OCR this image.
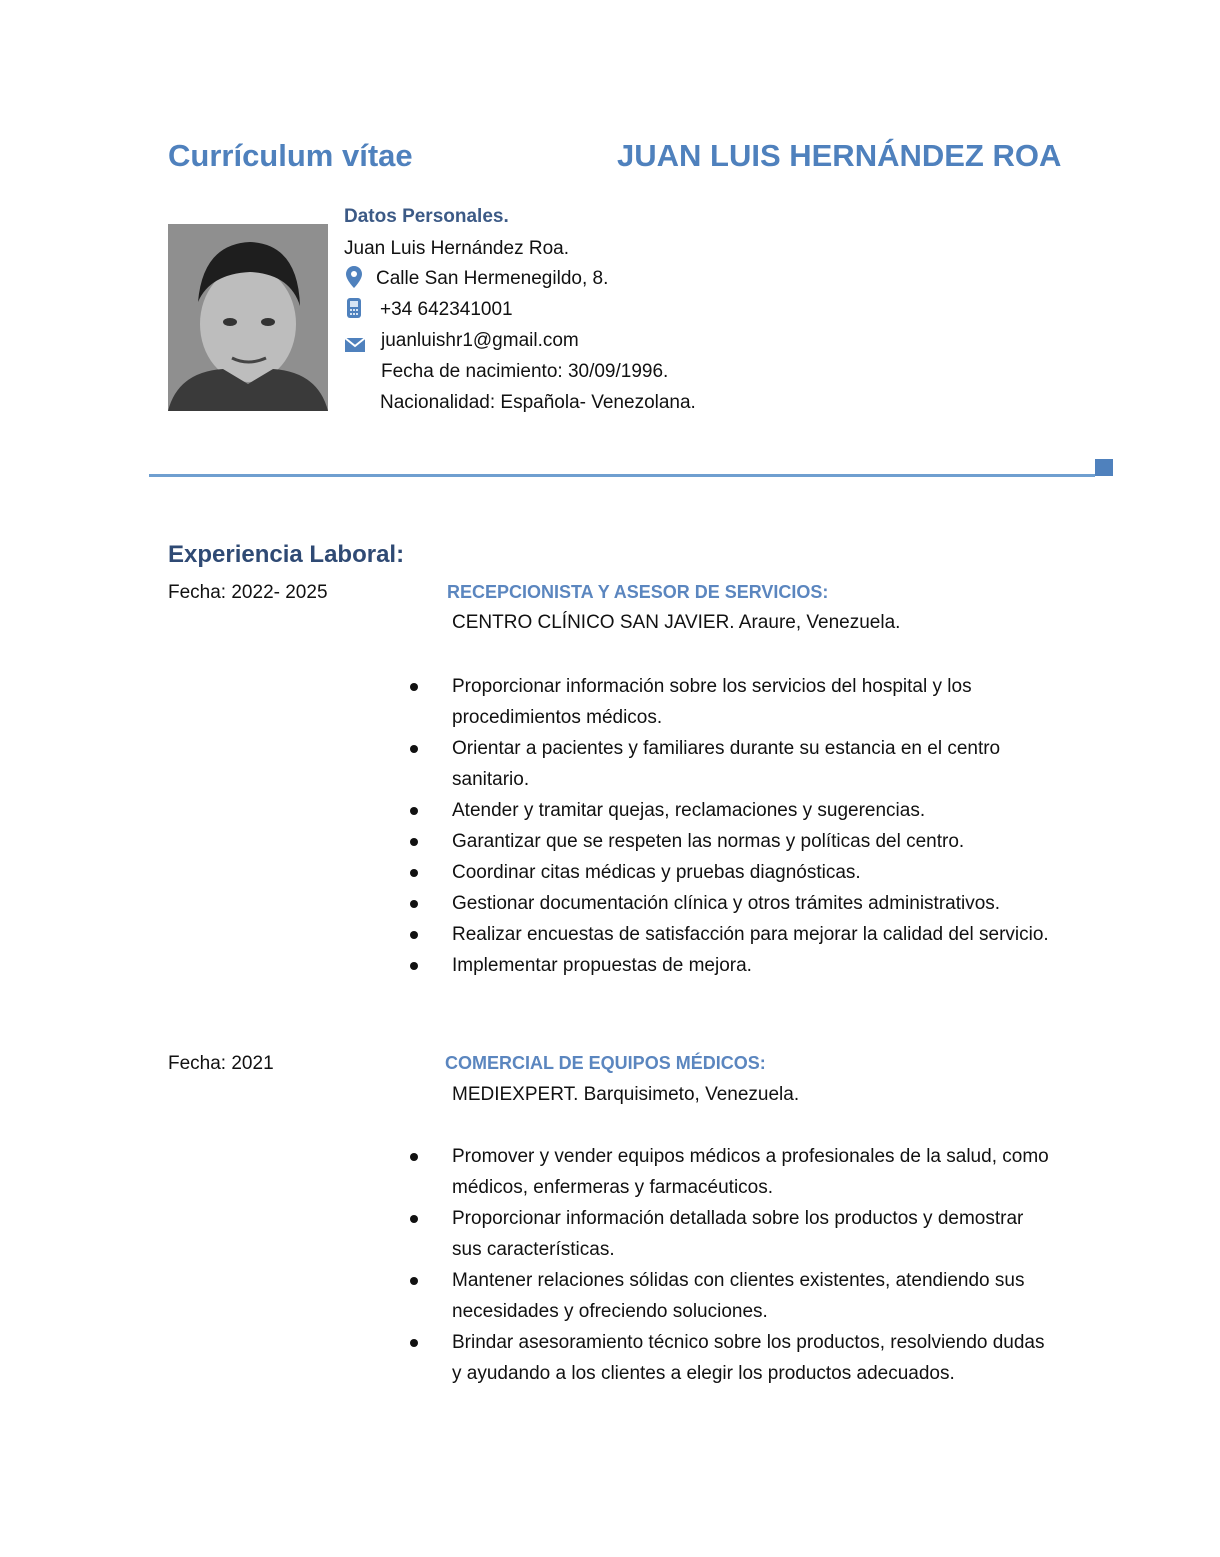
Currículum vítae	JUAN LUIS HERNÁNDEZ ROA
Datos Personales.
Juan Luis Hernández Roa.
Calle San Hermenegildo, 8.
+34 642341001
juanluishr1@gmail.com
Fecha de nacimiento: 30/09/1996.
Nacionalidad: Española- Venezolana.
Experiencia Laboral:
Fecha: 2022- 2025	RECEPCIONISTA Y ASESOR DE SERVICIOS:
CENTRO CLÍNICO SAN JAVIER. Araure, Venezuela.
Proporcionar información sobre los servicios del hospital y los procedimientos médicos.
Orientar a pacientes y familiares durante su estancia en el centro sanitario.
Atender y tramitar quejas, reclamaciones y sugerencias.
Garantizar que se respeten las normas y políticas del centro.
Coordinar citas médicas y pruebas diagnósticas.
Gestionar documentación clínica y otros trámites administrativos.
Realizar encuestas de satisfacción para mejorar la calidad del servicio.
Implementar propuestas de mejora.
Fecha: 2021	COMERCIAL DE EQUIPOS MÉDICOS:
MEDIEXPERT. Barquisimeto, Venezuela.
Promover y vender equipos médicos a profesionales de la salud, como médicos, enfermeras y farmacéuticos.
Proporcionar información detallada sobre los productos y demostrar sus características.
Mantener relaciones sólidas con clientes existentes, atendiendo sus necesidades y ofreciendo soluciones.
Brindar asesoramiento técnico sobre los productos, resolviendo dudas y ayudando a los clientes a elegir los productos adecuados.
